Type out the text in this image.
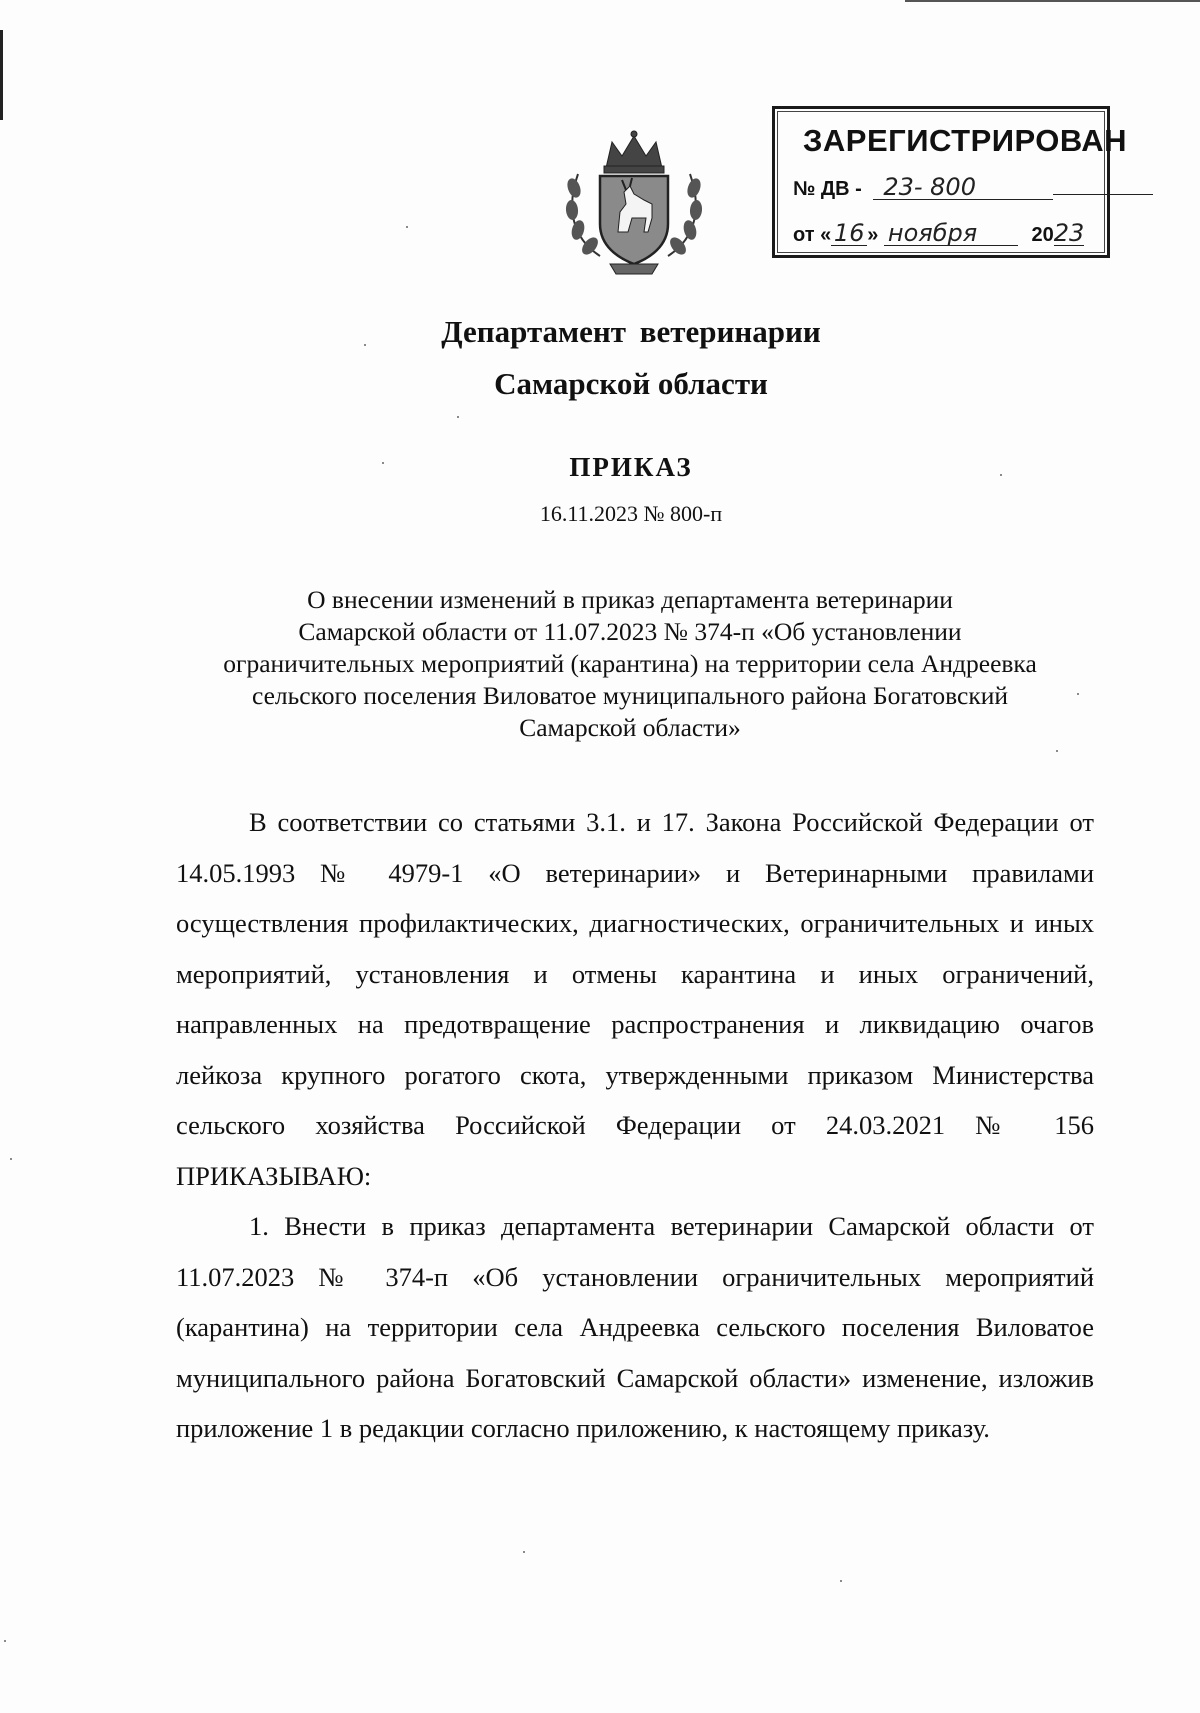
ЗАРЕГИСТРИРОВАН
№ ДВ - 23- 800
от « 16 » ноября	2023
Департамент ветеринарии
Самарской области
ПРИКАЗ
16.11.2023 № 800-п
О внесении изменений в приказ департамента ветеринарии
Самарской области от 11.07.2023 № 374-п «Об установлении
ограничительных мероприятий (карантина) на территории села Андреевка
сельского поселения Виловатое муниципального района Богатовский
Самарской области»

В соответствии со статьями 3.1. и 17. Закона Российской Федерации от 14.05.1993 № 4979-1 «О ветеринарии» и Ветеринарными правилами осуществления профилактических, диагностических, ограничительных и иных мероприятий, установления и отмены карантина и иных ограничений, направленных на предотвращение распространения и ликвидацию очагов лейкоза крупного рогатого скота, утвержденными приказом Министерства сельского хозяйства Российской Федерации от 24.03.2021 № 156 ПРИКАЗЫВАЮ:

1. Внести в приказ департамента ветеринарии Самарской области от 11.07.2023 № 374-п «Об установлении ограничительных мероприятий (карантина) на территории села Андреевка сельского поселения Виловатое муниципального района Богатовский Самарской области» изменение, изложив приложение 1 в редакции согласно приложению, к настоящему приказу.
